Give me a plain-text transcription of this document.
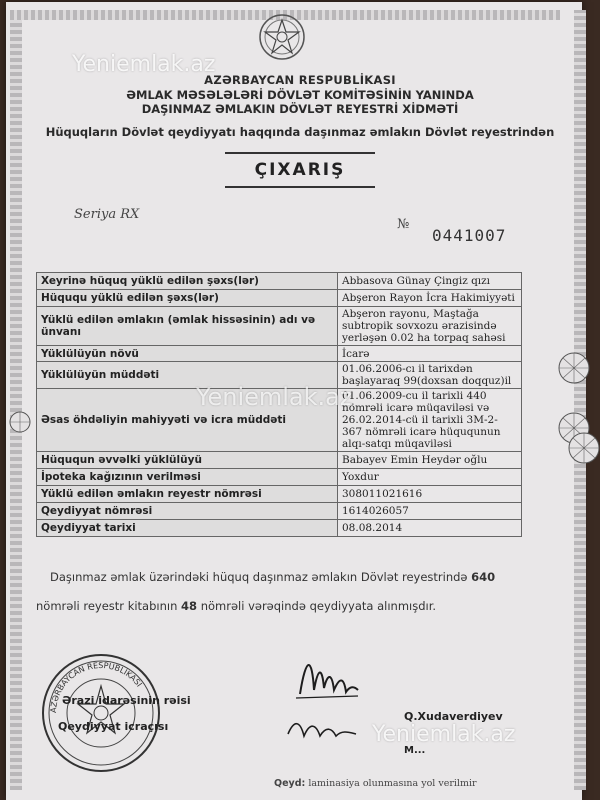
Yeniemlak.az
AZƏRBAYCAN RESPUBLİKASI
ƏMLAK MƏSƏLƏLƏRİ DÖVLƏT KOMİTƏSİNİN YANINDA
DAŞINMAZ ƏMLAKIN DÖVLƏT REYESTRİ XİDMƏTİ
Hüquqların Dövlət qeydiyyatı haqqında daşınmaz əmlakın Dövlət reyestrindən
ÇIXARIŞ
Seriya RX
№
0441007
Xeyrinə hüquq yüklü edilən şəxs(lər)	Abbasova Günay Çingiz qızı
Hüququ yüklü edilən şəxs(lər)	Abşeron Rayon İcra Hakimiyyəti
Yüklü edilən əmlakın (əmlak hissəsinin) adı və ünvanı	Abşeron rayonu, Maştağa subtropik sovxozu ərazisində yerləşən 0.02 ha torpaq sahəsi
Yüklülüyün növü	İcarə
Yüklülüyün müddəti	01.06.2006-cı il tarixdən başlayaraq 99(doxsan doqquz)il
Əsas öhdəliyin mahiyyəti və icra müddəti	01.06.2009-cu il tarixli 440 nömrəli icarə müqaviləsi və 26.02.2014-cü il tarixli 3M-2-367 nömrəli icarə hüququnun alqı-satqı müqaviləsi
Hüququn əvvəlki yüklülüyü	Babayev Emin Heydər oğlu
İpoteka kağızının verilməsi	Yoxdur
Yüklü edilən əmlakın reyestr nömrəsi	308011021616
Qeydiyyat nömrəsi	1614026057
Qeydiyyat tarixi	08.08.2014
Yeniemlak.az
Daşınmaz əmlak üzərindəki hüquq daşınmaz əmlakın Dövlət reyestrində 640
nömrəli reyestr kitabının 48 nömrəli vərəqində qeydiyyata alınmışdır.
AZƏRBAYCAN RESPUBLİKASI
Ərazi idarəsinin rəisi
Qeydiyyat icraçısı
Q.Xudaverdiyev
M...
Yeniemlak.az
Qeyd: laminasiya olunmasına yol verilmir
